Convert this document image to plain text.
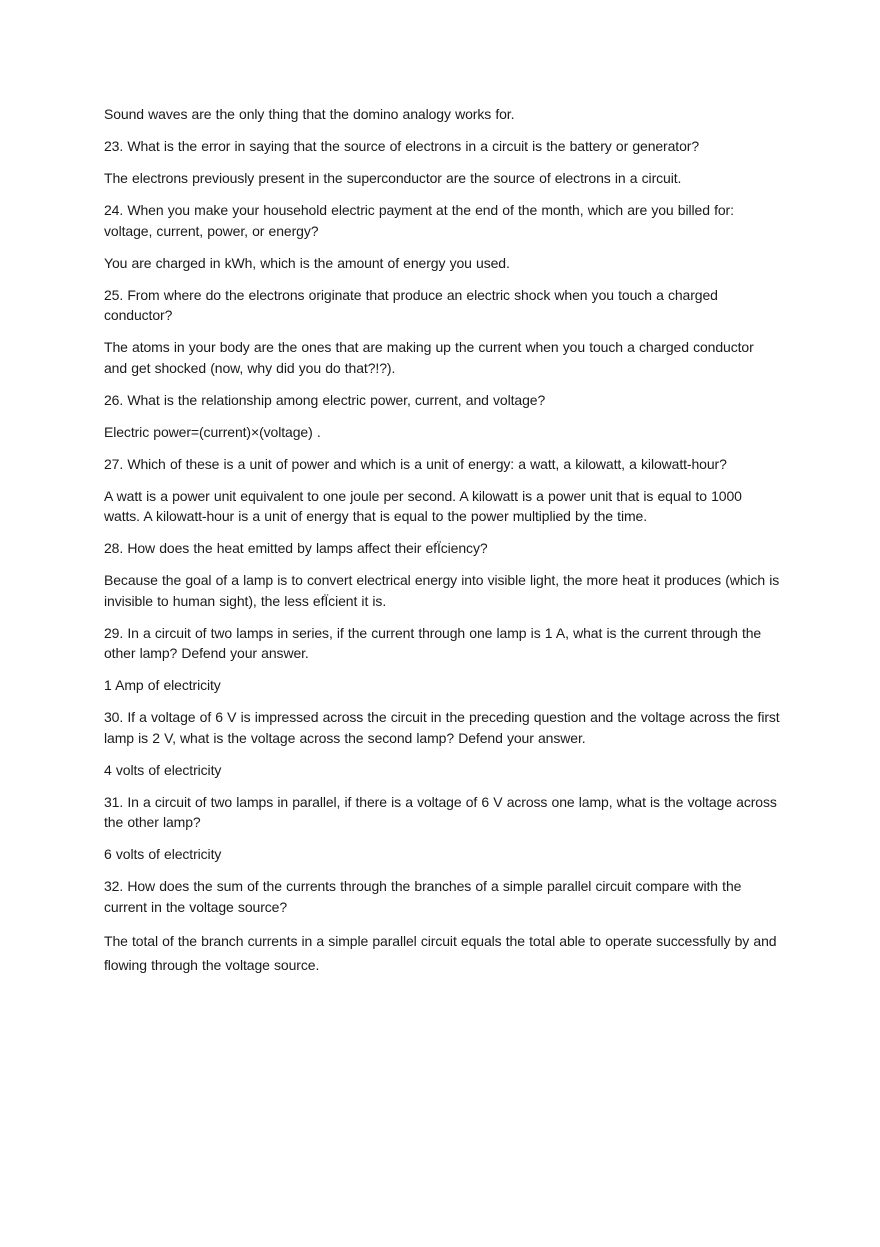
Sound waves are the only thing that the domino analogy works for.

23. What is the error in saying that the source of electrons in a circuit is the battery or generator?

The electrons previously present in the superconductor are the source of electrons in a circuit.

24. When you make your household electric payment at the end of the month, which are you billed for: voltage, current, power, or energy?

You are charged in kWh, which is the amount of energy you used.

25. From where do the electrons originate that produce an electric shock when you touch a charged conductor?

The atoms in your body are the ones that are making up the current when you touch a charged conductor and get shocked (now, why did you do that?!?).

26. What is the relationship among electric power, current, and voltage?

Electric power=(current)×(voltage) .

27. Which of these is a unit of power and which is a unit of energy: a watt, a kilowatt, a kilowatt-hour?

A watt is a power unit equivalent to one joule per second. A kilowatt is a power unit that is equal to 1000 watts. A kilowatt-hour is a unit of energy that is equal to the power multiplied by the time.

28. How does the heat emitted by lamps affect their efÏciency?

Because the goal of a lamp is to convert electrical energy into visible light, the more heat it produces (which is invisible to human sight), the less efÏcient it is.

29. In a circuit of two lamps in series, if the current through one lamp is 1 A, what is the current through the other lamp? Defend your answer.

1 Amp of electricity

30. If a voltage of 6 V is impressed across the circuit in the preceding question and the voltage across the first lamp is 2 V, what is the voltage across the second lamp? Defend your answer.

4 volts of electricity

31. In a circuit of two lamps in parallel, if there is a voltage of 6 V across one lamp, what is the voltage across the other lamp?

6 volts of electricity

32. How does the sum of the currents through the branches of a simple parallel circuit compare with the current in the voltage source?

The total of the branch currents in a simple parallel circuit equals the total able to operate successfully by and flowing through the voltage source.
